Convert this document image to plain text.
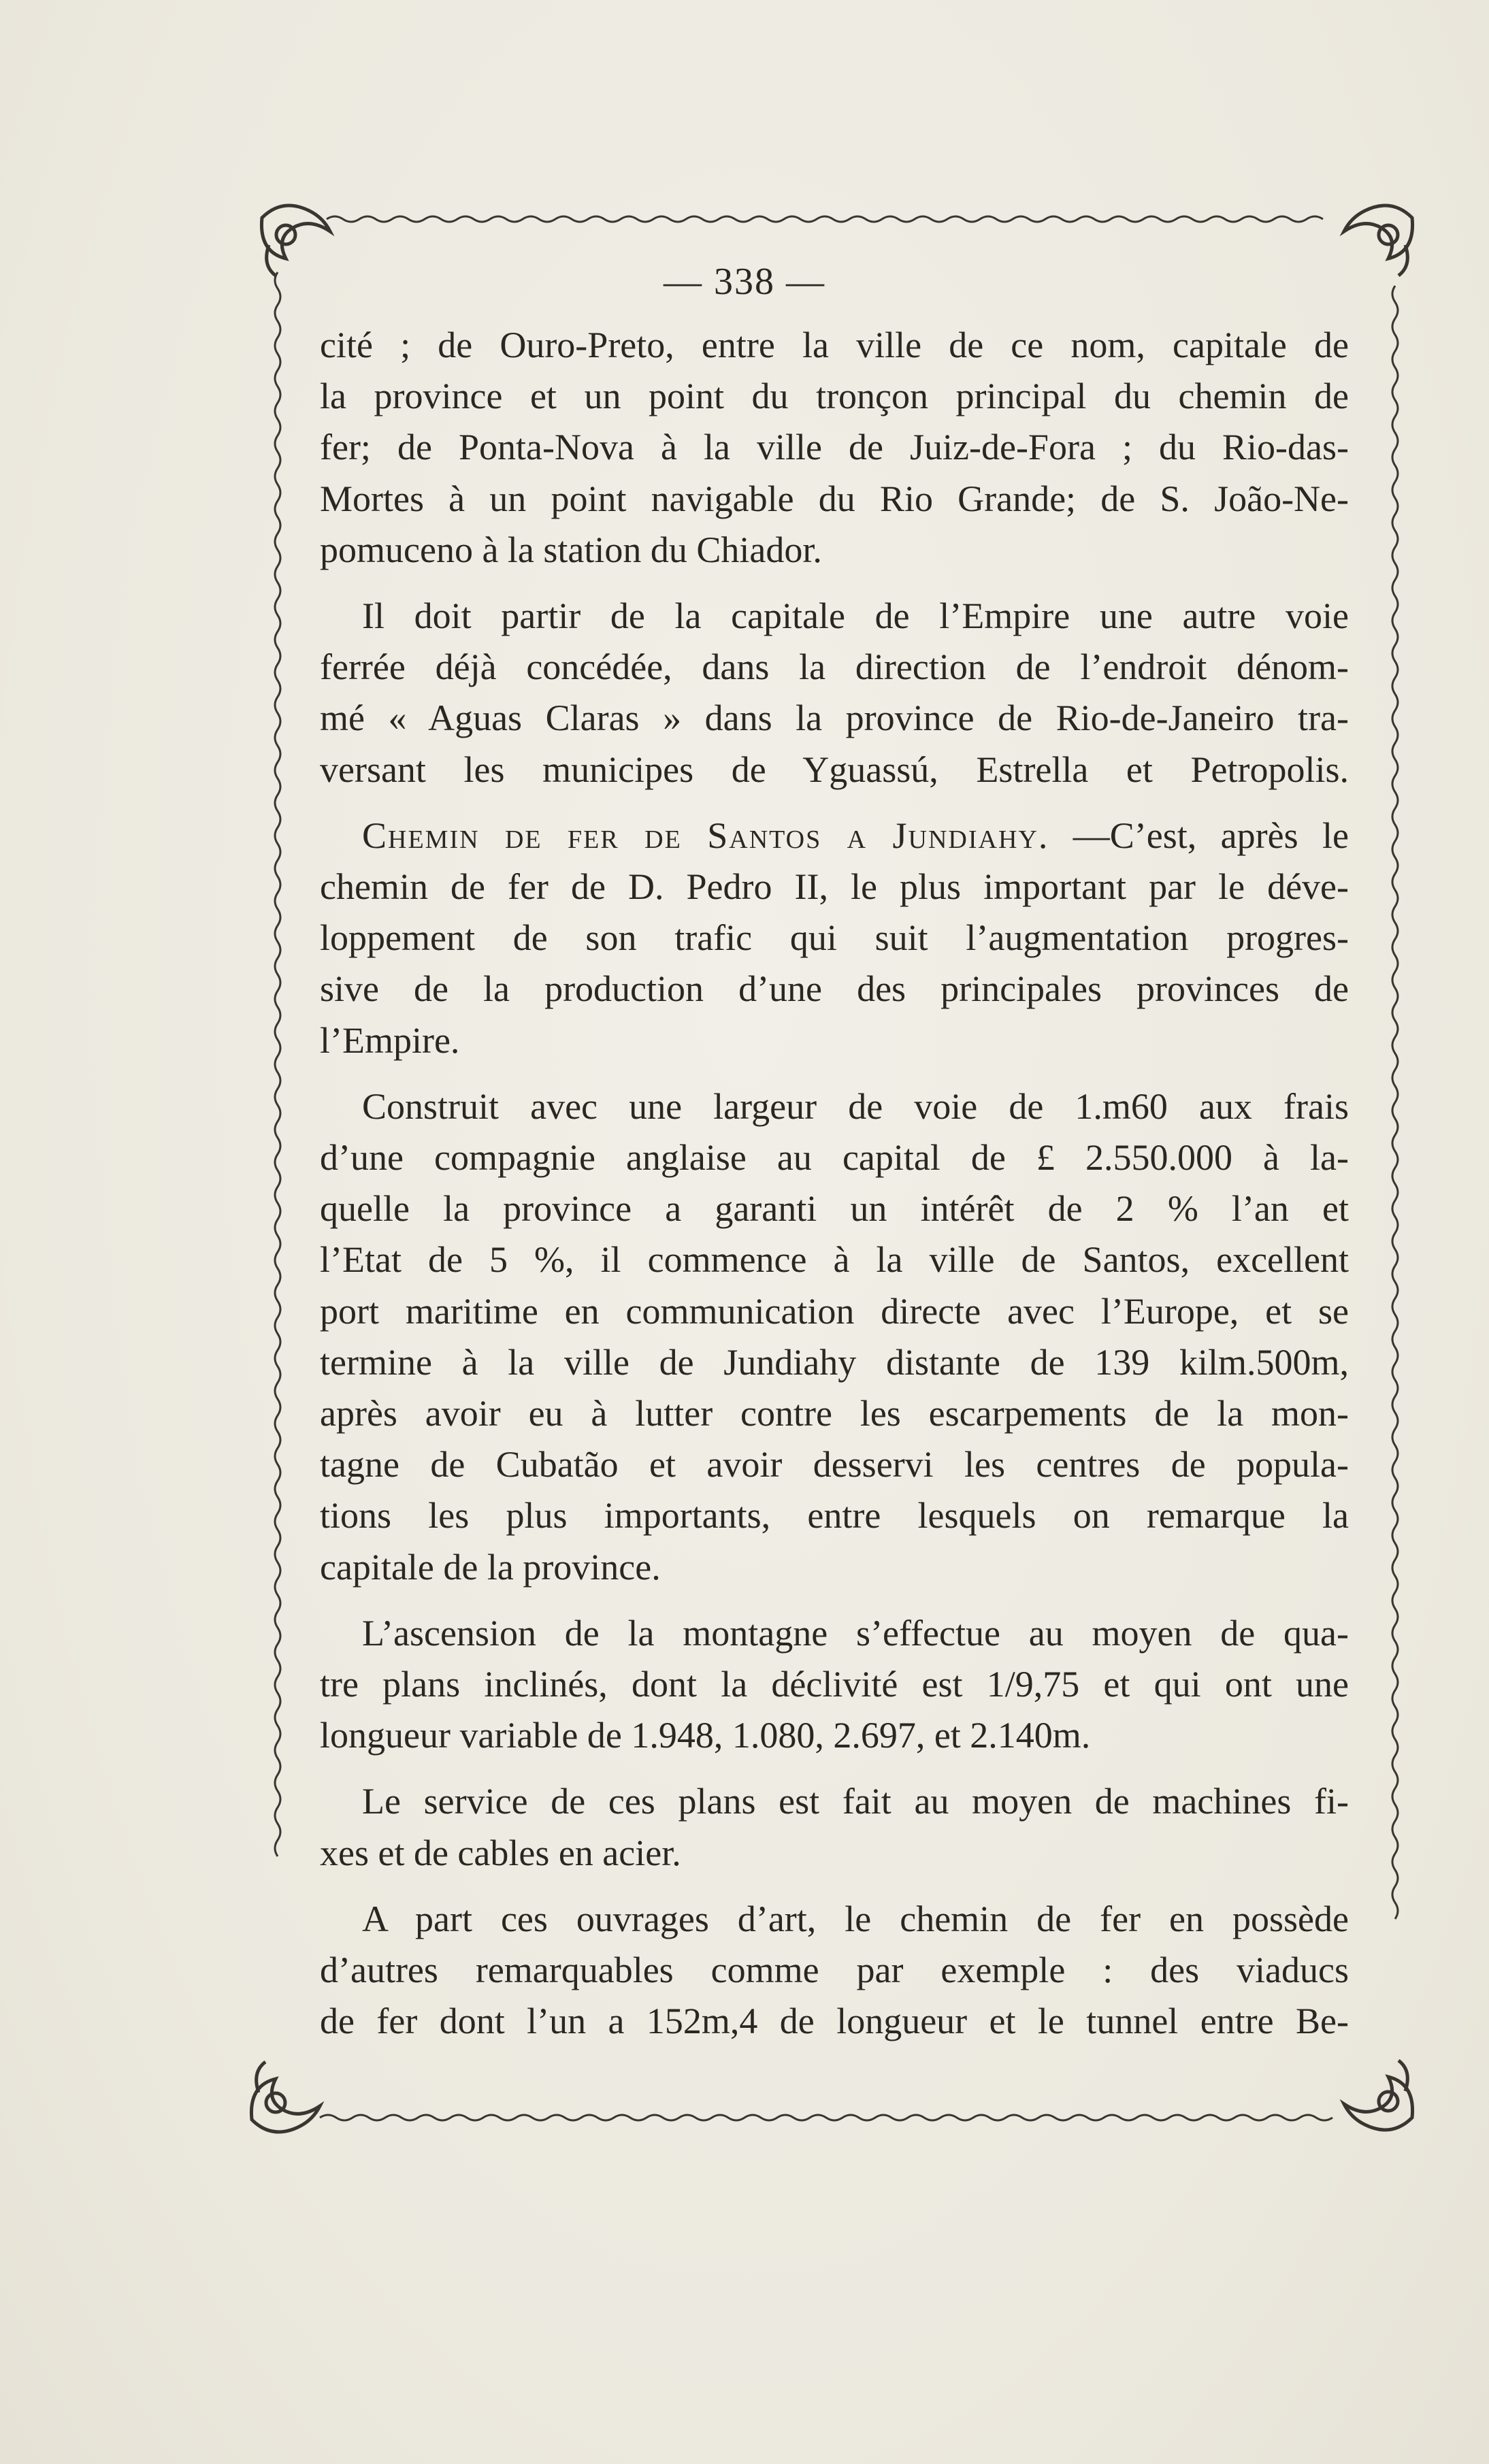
— 338 —

cité ; de Ouro-Preto, entre la ville de ce nom, capitale de
la province et un point du tronçon principal du chemin de
fer; de Ponta-Nova à la ville de Juiz-de-Fora ; du Rio-das-
Mortes à un point navigable du Rio Grande; de S. João-Ne-
pomuceno à la station du Chiador.

Il doit partir de la capitale de l’Empire une autre voie
ferrée déjà concédée, dans la direction de l’endroit dénom-
mé « Aguas Claras » dans la province de Rio-de-Janeiro tra-
versant les municipes de Yguassú, Estrella et Petropolis.

Chemin de fer de Santos a Jundiahy. —C’est, après le
chemin de fer de D. Pedro II, le plus important par le déve-
loppement de son trafic qui suit l’augmentation progres-
sive de la production d’une des principales provinces de
l’Empire.

Construit avec une largeur de voie de 1.m60 aux frais
d’une compagnie anglaise au capital de £ 2.550.000 à la-
quelle la province a garanti un intérêt de 2 % l’an et
l’Etat de 5 %, il commence à la ville de Santos, excellent
port maritime en communication directe avec l’Europe, et se
termine à la ville de Jundiahy distante de 139 kilm.500m,
après avoir eu à lutter contre les escarpements de la mon-
tagne de Cubatão et avoir desservi les centres de popula-
tions les plus importants, entre lesquels on remarque la
capitale de la province.

L’ascension de la montagne s’effectue au moyen de qua-
tre plans inclinés, dont la déclivité est 1/9,75 et qui ont une
longueur variable de 1.948, 1.080, 2.697, et 2.140m.

Le service de ces plans est fait au moyen de machines fi-
xes et de cables en acier.

A part ces ouvrages d’art, le chemin de fer en possède
d’autres remarquables comme par exemple : des viaducs
de fer dont l’un a 152m,4 de longueur et le tunnel entre Be-
